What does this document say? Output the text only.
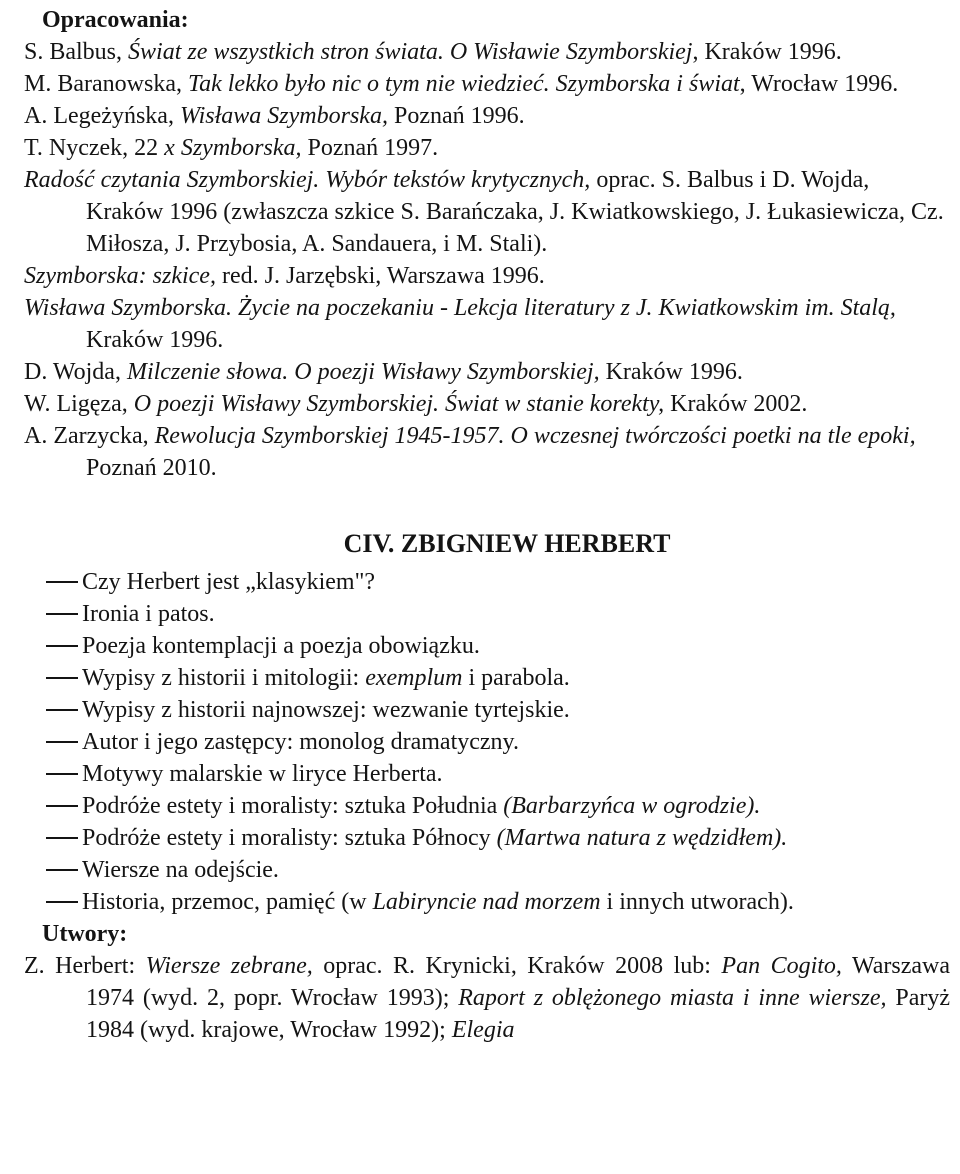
Opracowania:
S. Balbus, Świat ze wszystkich stron świata. O Wisławie Szymborskiej, Kraków 1996.
M. Baranowska, Tak lekko było nic o tym nie wiedzieć. Szymborska i świat, Wrocław 1996.
A. Legeżyńska, Wisława Szymborska, Poznań 1996.
T. Nyczek, 22 x Szymborska, Poznań 1997.
Radość czytania Szymborskiej. Wybór tekstów krytycznych, oprac. S. Balbus i D. Wojda, Kraków 1996 (zwłaszcza szkice S. Barańczaka, J. Kwiatkowskiego, J. Łukasiewicza, Cz. Miłosza, J. Przybosia, A. Sandauera, i M. Stali).
Szymborska: szkice, red. J. Jarzębski, Warszawa 1996.
Wisława Szymborska. Życie na poczekaniu - Lekcja literatury z J. Kwiatkowskim im. Stalą, Kraków 1996.
D. Wojda, Milczenie słowa. O poezji Wisławy Szymborskiej, Kraków 1996.
W. Ligęza, O poezji Wisławy Szymborskiej. Świat w stanie korekty, Kraków 2002.
A. Zarzycka, Rewolucja Szymborskiej 1945-1957. O wczesnej twórczości poetki na tle epoki, Poznań 2010.
CIV. ZBIGNIEW HERBERT
Czy Herbert jest „klasykiem"?
Ironia i patos.
Poezja kontemplacji a poezja obowiązku.
Wypisy z historii i mitologii: exemplum i parabola.
Wypisy z historii najnowszej: wezwanie tyrtejskie.
Autor i jego zastępcy: monolog dramatyczny.
Motywy malarskie w liryce Herberta.
Podróże estety i moralisty: sztuka Południa (Barbarzyńca w ogrodzie).
Podróże estety i moralisty: sztuka Północy (Martwa natura z wędzidłem).
Wiersze na odejście.
Historia, przemoc, pamięć (w Labiryncie nad morzem i innych utworach).
Utwory:
Z. Herbert: Wiersze zebrane, oprac. R. Krynicki, Kraków 2008 lub: Pan Cogito, Warszawa 1974 (wyd. 2, popr. Wrocław 1993); Raport z oblężonego miasta i inne wiersze, Paryż 1984 (wyd. krajowe, Wrocław 1992); Elegia
